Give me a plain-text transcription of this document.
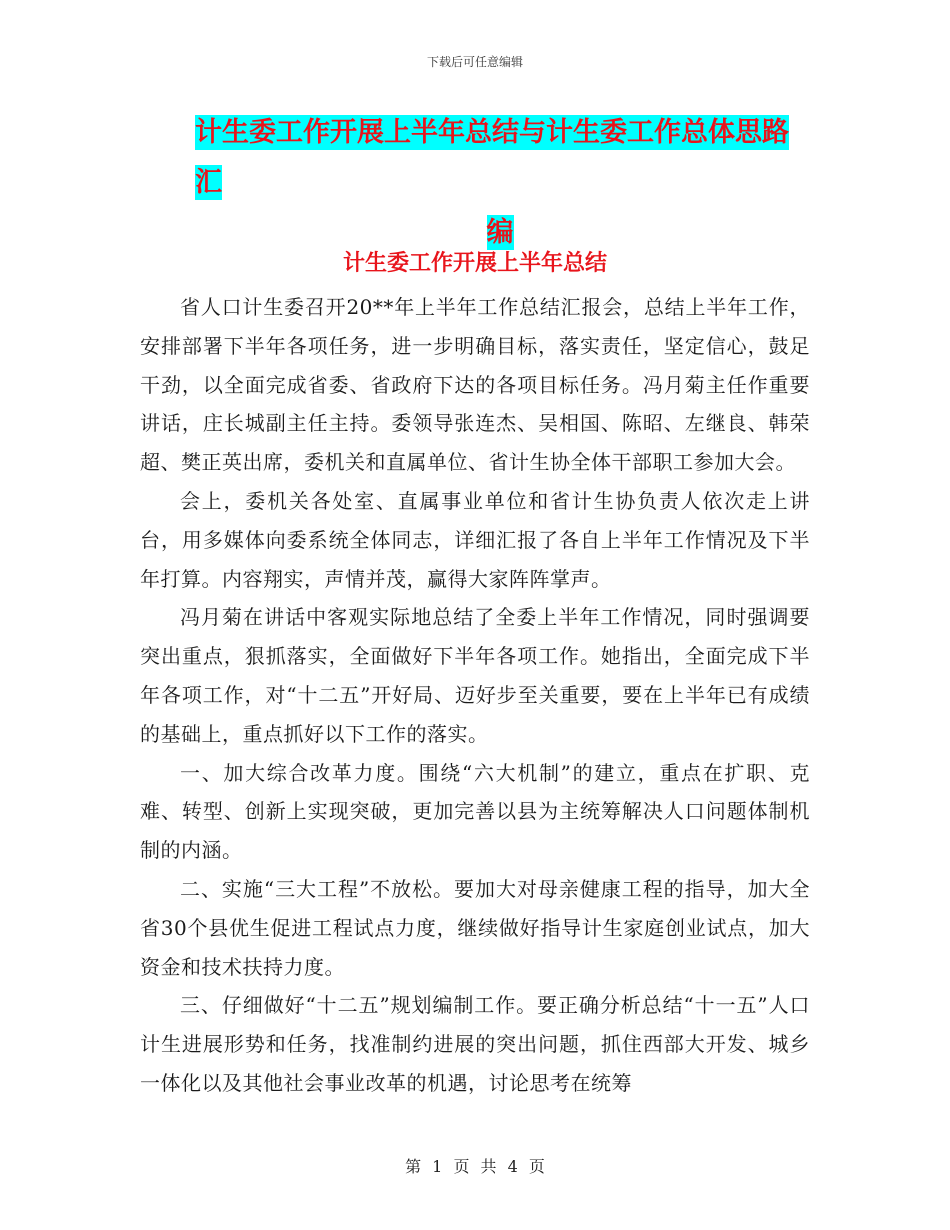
下载后可任意编辑
计生委工作开展上半年总结与计生委工作总体思路汇

编
计生委工作开展上半年总结

省人口计生委召开20**年上半年工作总结汇报会，总结上半年工作，安排部署下半年各项任务，进一步明确目标，落实责任，坚定信心，鼓足干劲，以全面完成省委、省政府下达的各项目标任务。冯月菊主任作重要讲话，庄长城副主任主持。委领导张连杰、吴相国、陈昭、左继良、韩荣超、樊正英出席，委机关和直属单位、省计生协全体干部职工参加大会。

会上，委机关各处室、直属事业单位和省计生协负责人依次走上讲台，用多媒体向委系统全体同志，详细汇报了各自上半年工作情况及下半年打算。内容翔实，声情并茂，赢得大家阵阵掌声。

冯月菊在讲话中客观实际地总结了全委上半年工作情况，同时强调要突出重点，狠抓落实，全面做好下半年各项工作。她指出，全面完成下半年各项工作，对“十二五”开好局、迈好步至关重要，要在上半年已有成绩的基础上，重点抓好以下工作的落实。

一、加大综合改革力度。围绕“六大机制”的建立，重点在扩职、克难、转型、创新上实现突破，更加完善以县为主统筹解决人口问题体制机制的内涵。

二、实施“三大工程”不放松。要加大对母亲健康工程的指导，加大全省30个县优生促进工程试点力度，继续做好指导计生家庭创业试点，加大资金和技术扶持力度。

三、仔细做好“十二五”规划编制工作。要正确分析总结“十一五”人口计生进展形势和任务，找准制约进展的突出问题，抓住西部大开发、城乡一体化以及其他社会事业改革的机遇，讨论思考在统筹

第 1 页 共 4 页
